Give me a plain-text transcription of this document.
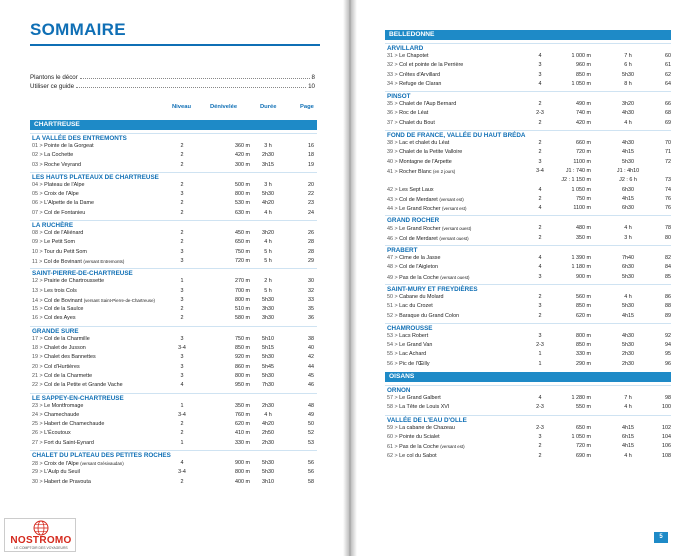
SOMMAIRE
Plantons le décor	8
Utiliser ce guide	10
Niveau	Dénivelée	Durée	Page
CHARTREUSE
LA VALLÉE DES ENTREMONTS
01 > Pointe de la Gorgeat	2	360 m	3 h	16
02 > La Cochette	2	420 m	2h30	18
03 > Roche Veyrand	2	300 m	3h15	19
LES HAUTS PLATEAUX DE CHARTREUSE
04 > Plateau de l'Alpe	2	500 m	3 h	20
05 > Croix de l'Alpe	3	800 m	5h30	22
06 > L'Alpette de la Dame	2	530 m	4h20	23
07 > Col de Fontanieu	2	630 m	4 h	24
LA RUCHÈRE
08 > Col de l'Aliénard	2	450 m	3h20	26
09 > Le Petit Som	2	650 m	4 h	28
10 > Tour du Petit Som	3	750 m	5 h	28
11 > Col de Bovinant (versant Entremonts)	3	720 m	5 h	29
SAINT-PIERRE-DE-CHARTREUSE
12 > Prairie de Chartroussette	1	270 m	2 h	30
13 > Les trois Cols	3	700 m	5 h	32
14 > Col de Bovinant (versant Saint-Pierre-de-Chartreuse)	3	800 m	5h30	33
15 > Col de la Saulce	2	510 m	3h30	35
16 > Col des Ayes	2	580 m	3h30	36
GRANDE SURE
17 > Col de la Charmille	3	750 m	5h10	38
18 > Chalet de Jusson	3-4	850 m	5h15	40
19 > Chalet des Bannettes	3	920 m	5h30	42
20 > Col d'Hurtières	3	860 m	5h45	44
21 > Col de la Charmette	3	800 m	5h30	45
22 > Col de la Petite et Grande Vache	4	950 m	7h30	46
LE SAPPEY-EN-CHARTREUSE
23 > Le Montfromage	1	350 m	2h30	48
24 > Chamechaude	3-4	760 m	4 h	49
25 > Habert de Chamechaude	2	620 m	4h20	50
26 > L'Écoutoux	2	410 m	2h50	52
27 > Fort du Saint-Eynard	1	330 m	2h30	53
CHALET DU PLATEAU DES PETITES ROCHES
28 > Croix de l'Alpe (versant Grésivaudan)	4	900 m	5h30	56
29 > L'Aulp du Seuil	3-4	800 m	5h30	56
30 > Habert de Pravouta	2	400 m	3h10	58
BELLEDONNE
ARVILLARD
31 > Le Chapotet	4	1 000 m	7 h	60
32 > Col et pointe de la Perrière	3	960 m	6 h	61
33 > Crêtes d'Arvillard	3	850 m	5h30	62
34 > Refuge de Claran	4	1 050 m	8 h	64
PINSOT
35 > Chalet de l'Aup Bernard	2	490 m	3h20	66
36 > Roc de Léat	2-3	740 m	4h30	68
37 > Chalet du Bout	2	420 m	4 h	69
FOND DE FRANCE, VALLÉE DU HAUT BRÉDA
38 > Lac et chalet du Léat	2	660 m	4h30	70
39 > Chalet de la Petite Valloire	2	720 m	4h15	71
40 > Montagne de l'Arpette	3	1100 m	5h30	72
41 > Rocher Blanc (en 2 jours)	3-4	J1 : 740 m	J1 : 4h10
J2 : 1 150 m	J2 : 6 h	73
42 > Les Sept Laux	4	1 050 m	6h30	74
43 > Col de Merdaret (versant est)	2	750 m	4h15	76
44 > Le Grand Rocher (versant est)	4	1100 m	6h30	76
GRAND ROCHER
45 > Le Grand Rocher (versant ouest)	2	480 m	4 h	78
46 > Col de Merdaret (versant ouest)	2	350 m	3 h	80
PRABERT
47 > Cime de la Jasse	4	1 390 m	7h40	82
48 > Col de l'Aigleton	4	1 180 m	6h30	84
49 > Pas de la Coche (versant ouest)	3	900 m	5h30	85
SAINT-MURY ET FREYDIÈRES
50 > Cabane du Molard	2	560 m	4 h	86
51 > Lac du Crozet	3	850 m	5h30	88
52 > Baraque du Grand Colon	2	620 m	4h15	89
CHAMROUSSE
53 > Lacs Robert	3	800 m	4h30	92
54 > Le Grand Van	2-3	850 m	5h30	94
55 > Lac Achard	1	330 m	2h30	95
56 > Pic de l'Œilly	1	290 m	2h30	96
OISANS
ORNON
57 > Le Grand Galbert	4	1 280 m	7 h	98
58 > La Tête de Louis XVI	2-3	550 m	4 h	100
VALLÉE DE L'EAU D'OLLE
59 > La cabane de Chazeau	2-3	650 m	4h15	102
60 > Pointe du Scialet	3	1 050 m	6h15	104
61 > Pas de la Coche (versant est)	2	720 m	4h15	106
62 > Le col du Sabot	2	690 m	4 h	108
5
NOSTROMO
LE COMPTOIR DES VOYAGEURS
